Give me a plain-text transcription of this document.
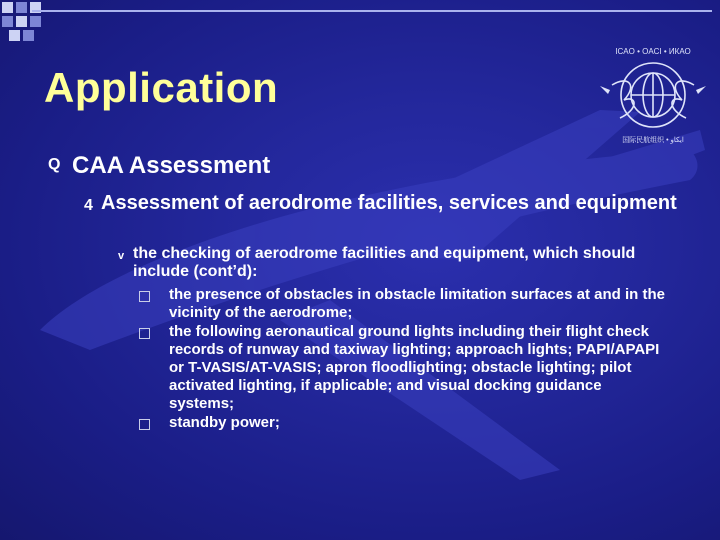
ICAO • OACI • ИКАО
国际民航组织 • ايكاو
Application
Q CAA Assessment
4 Assessment of aerodrome facilities, services and equipment
v the checking of aerodrome facilities and equipment, which should include (cont’d):
the presence of obstacles in obstacle limitation surfaces at and in the vicinity of the aerodrome;
the following aeronautical ground lights including their flight check records of runway and taxiway lighting; approach lights; PAPI/APAPI or T-VASIS/AT-VASIS; apron floodlighting; obstacle lighting; pilot activated lighting, if applicable; and visual docking guidance systems;
standby power;
